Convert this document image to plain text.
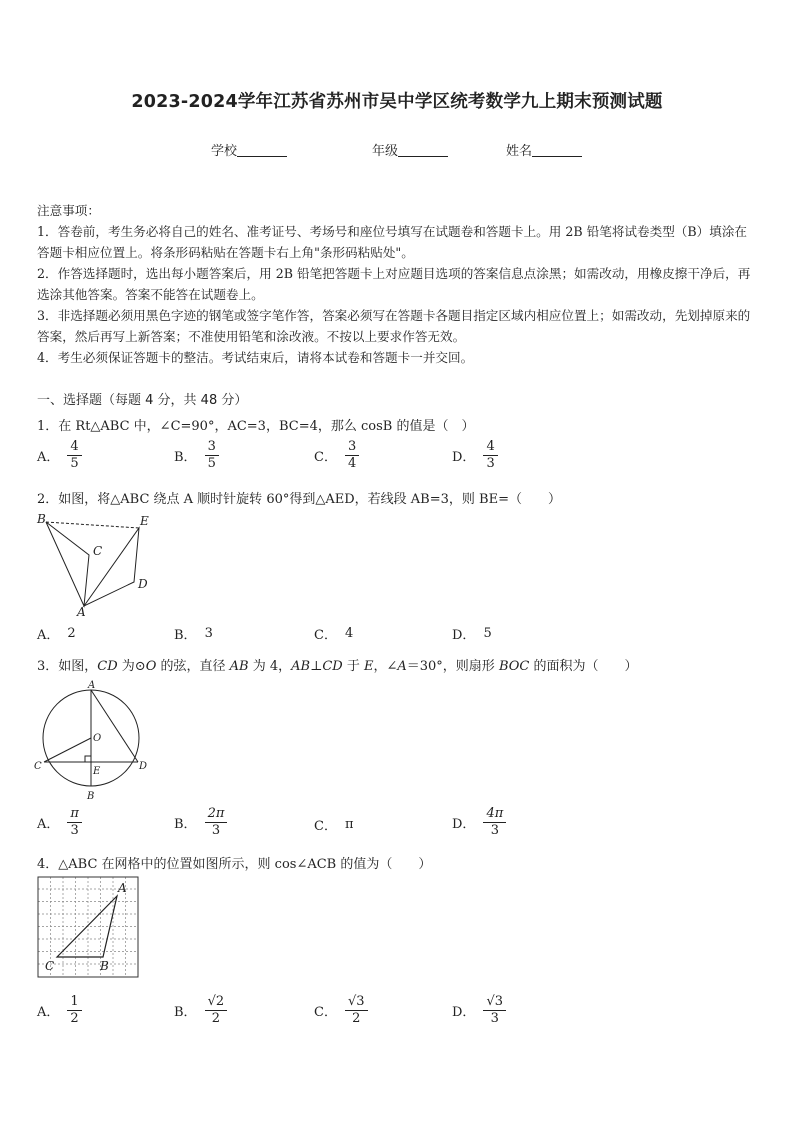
2023-2024学年江苏省苏州市吴中学区统考数学九上期末预测试题
学校	年级	姓名

注意事项：

1．答卷前，考生务必将自己的姓名、准考证号、考场号和座位号填写在试题卷和答题卡上。用 2B 铅笔将试卷类型（B）填涂在答题卡相应位置上。将条形码粘贴在答题卡右上角"条形码粘贴处"。

2．作答选择题时，选出每小题答案后，用 2B 铅笔把答题卡上对应题目选项的答案信息点涂黑；如需改动，用橡皮擦干净后，再选涂其他答案。答案不能答在试题卷上。

3．非选择题必须用黑色字迹的钢笔或签字笔作答，答案必须写在答题卡各题目指定区域内相应位置上；如需改动，先划掉原来的答案，然后再写上新答案；不准使用铅笔和涂改液。不按以上要求作答无效。

4．考生必须保证答题卡的整洁。考试结束后，请将本试卷和答题卡一并交回。

一、选择题（每题 4 分，共 48 分）
1．在 Rt△ABC 中，∠C=90°，AC=3，BC=4，那么 cosB 的值是（　）
A． $\frac{4}{5}$	B． $\frac{3}{5}$	C． $\frac{3}{4}$	D． $\frac{4}{3}$
2．如图，将△ABC 绕点 A 顺时针旋转 60°得到△AED，若线段 AB=3，则 BE=（　　）
B	E
C
D
A
A． 2	B． 3	C． 4	D． 5
3．如图，CD 为⊙O 的弦，直径 AB 为 4，AB⊥CD 于 E，∠A＝30°，则扇形 BOC 的面积为（　　）
A
O
C	E	D
B
A． $\frac{\pi}{3}$	B． $\frac{2\pi}{3}$	C． π	D． $\frac{4\pi}{3}$
4．△ABC 在网格中的位置如图所示，则 cos∠ACB 的值为（　　）
A
C	B
A． $\frac{1}{2}$	B． $\frac{√2}{2}$	C． $\frac{√3}{2}$	D． $\frac{√3}{3}$
